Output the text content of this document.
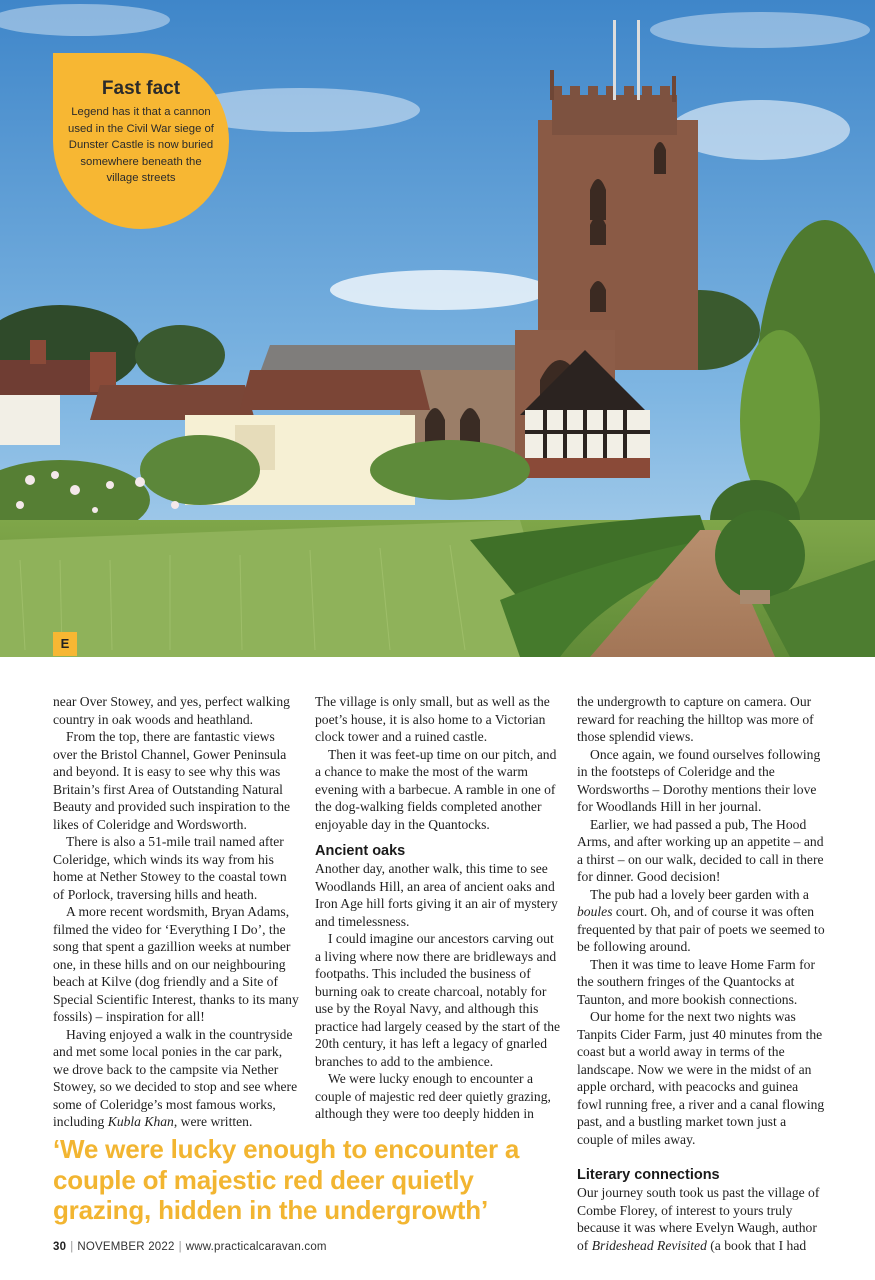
Fast fact
Legend has it that a cannon used in the Civil War siege of Dunster Castle is now buried somewhere beneath the village streets
E

near Over Stowey, and yes, perfect walking country in oak woods and heathland.

From the top, there are fantastic views over the Bristol Channel, Gower Peninsula and beyond. It is easy to see why this was Britain’s first Area of Outstanding Natural Beauty and provided such inspiration to the likes of Coleridge and Wordsworth.

There is also a 51-mile trail named after Coleridge, which winds its way from his home at Nether Stowey to the coastal town of Porlock, traversing hills and heath.

A more recent wordsmith, Bryan Adams, filmed the video for ‘Everything I Do’, the song that spent a gazillion weeks at number one, in these hills and on our neighbouring beach at Kilve (dog friendly and a Site of Special Scientific Interest, thanks to its many fossils) – inspiration for all!

Having enjoyed a walk in the countryside and met some local ponies in the car park, we drove back to the campsite via Nether Stowey, so we decided to stop and see where some of Coleridge’s most famous works, including Kubla Khan, were written.

The village is only small, but as well as the poet’s house, it is also home to a Victorian clock tower and a ruined castle.

Then it was feet-up time on our pitch, and a chance to make the most of the warm evening with a barbecue. A ramble in one of the dog-walking fields completed another enjoyable day in the Quantocks.

Ancient oaks

Another day, another walk, this time to see Woodlands Hill, an area of ancient oaks and Iron Age hill forts giving it an air of mystery and timelessness.

I could imagine our ancestors carving out a living where now there are bridleways and footpaths. This included the business of burning oak to create charcoal, notably for use by the Royal Navy, and although this practice had largely ceased by the start of the 20th century, it has left a legacy of gnarled branches to add to the ambience.

We were lucky enough to encounter a couple of majestic red deer quietly grazing, although they were too deeply hidden in

the undergrowth to capture on camera. Our reward for reaching the hilltop was more of those splendid views.

Once again, we found ourselves following in the footsteps of Coleridge and the Wordsworths – Dorothy mentions their love for Woodlands Hill in her journal.

Earlier, we had passed a pub, The Hood Arms, and after working up an appetite – and a thirst – on our walk, decided to call in there for dinner. Good decision!

The pub had a lovely beer garden with a boules court. Oh, and of course it was often frequented by that pair of poets we seemed to be following around.

Then it was time to leave Home Farm for the southern fringes of the Quantocks at Taunton, and more bookish connections.

Our home for the next two nights was Tanpits Cider Farm, just 40 minutes from the coast but a world away in terms of the landscape. Now we were in the midst of an apple orchard, with peacocks and guinea fowl running free, a river and a canal flowing past, and a bustling market town just a couple of miles away.

Literary connections

Our journey south took us past the village of Combe Florey, of interest to yours truly because it was where Evelyn Waugh, author of Brideshead Revisited (a book that I had

‘We were lucky enough to encounter a couple of majestic red deer quietly grazing, hidden in the undergrowth’
30 | NOVEMBER 2022 | www.practicalcaravan.com
